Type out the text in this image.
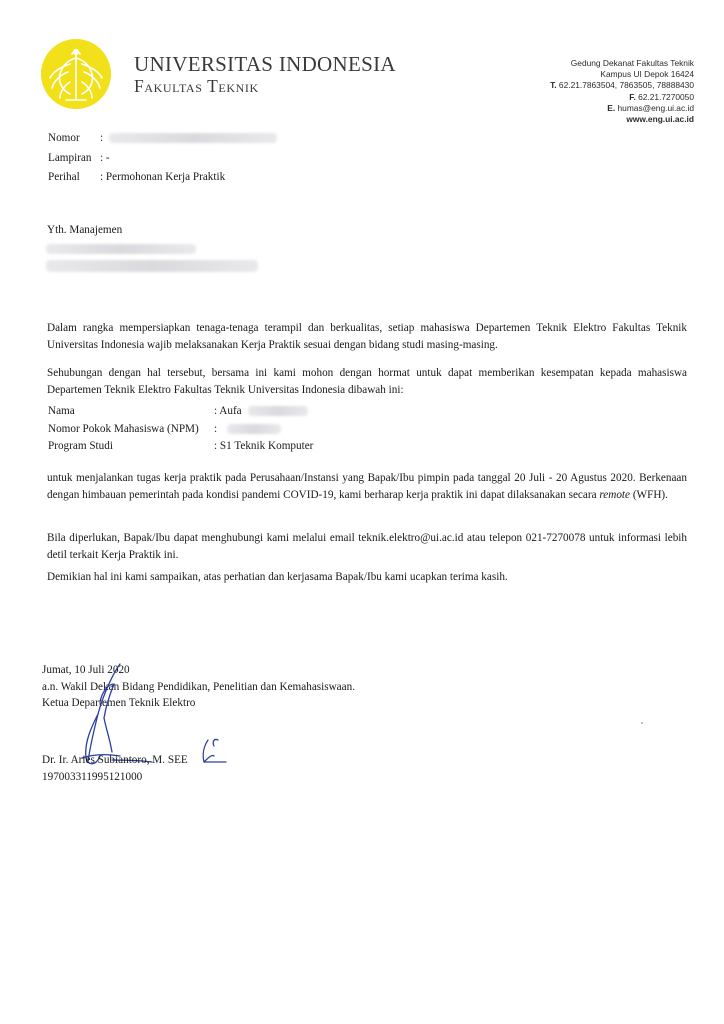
UNIVERSITAS INDONESIA
Fakultas Teknik
Gedung Dekanat Fakultas Teknik
Kampus UI Depok 16424
T. 62.21.7863504, 7863505, 78888430
F. 62.21.7270050
E. humas@eng.ui.ac.id
www.eng.ui.ac.id
Nomor	:
Lampiran : -
Perihal	: Permohonan Kerja Praktik
Yth. Manajemen
Dalam rangka mempersiapkan tenaga-tenaga terampil dan berkualitas, setiap mahasiswa Departemen Teknik Elektro Fakultas Teknik Universitas Indonesia wajib melaksanakan Kerja Praktik sesuai dengan bidang studi masing-masing.
Sehubungan dengan hal tersebut, bersama ini kami mohon dengan hormat untuk dapat memberikan kesempatan kepada mahasiswa Departemen Teknik Elektro Fakultas Teknik Universitas Indonesia dibawah ini:
Nama	: Aufa
Nomor Pokok Mahasiswa (NPM)	:
Program Studi	: S1 Teknik Komputer
untuk menjalankan tugas kerja praktik pada Perusahaan/Instansi yang Bapak/Ibu pimpin pada tanggal 20 Juli - 20 Agustus 2020. Berkenaan dengan himbauan pemerintah pada kondisi pandemi COVID-19, kami berharap kerja praktik ini dapat dilaksanakan secara remote (WFH).
Bila diperlukan, Bapak/Ibu dapat menghubungi kami melalui email teknik.elektro@ui.ac.id atau telepon 021-7270078 untuk informasi lebih detil terkait Kerja Praktik ini.
Demikian hal ini kami sampaikan, atas perhatian dan kerjasama Bapak/Ibu kami ucapkan terima kasih.
Jumat, 10 Juli 2020
a.n. Wakil Dekan Bidang Pendidikan, Penelitian dan Kemahasiswaan.
Ketua Departemen Teknik Elektro
Dr. Ir. Aries Subiantoro, M. SEE
197003311995121000
